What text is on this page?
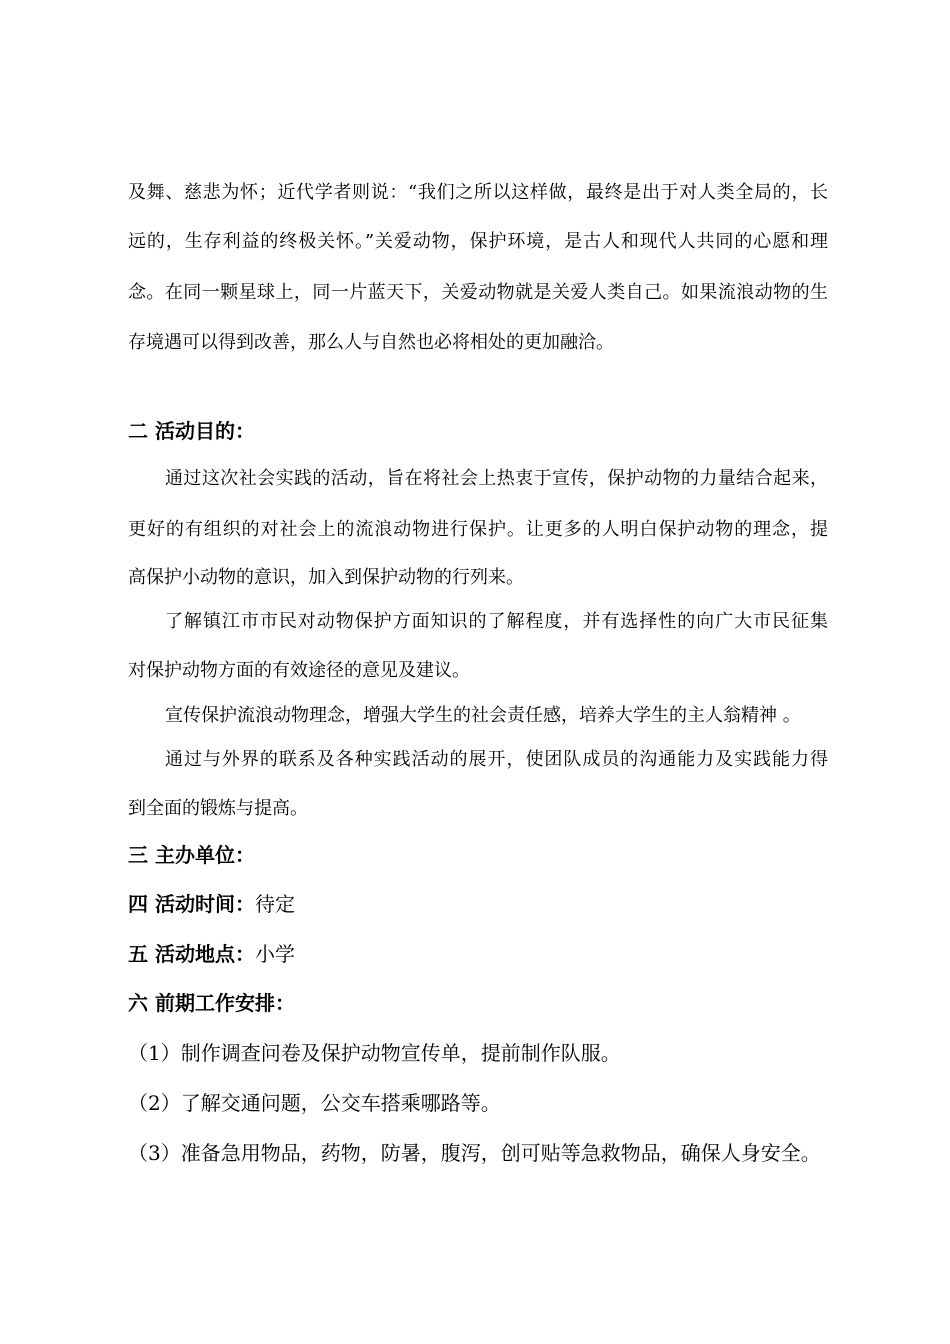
及舞、慈悲为怀；近代学者则说：“我们之所以这样做，最终是出于对人类全局的，长
远的，生存利益的终极关怀。”关爱动物，保护环境，是古人和现代人共同的心愿和理
念。在同一颗星球上，同一片蓝天下，关爱动物就是关爱人类自己。如果流浪动物的生
存境遇可以得到改善，那么人与自然也必将相处的更加融洽。
二 活动目的：
通过这次社会实践的活动，旨在将社会上热衷于宣传，保护动物的力量结合起来，
更好的有组织的对社会上的流浪动物进行保护。让更多的人明白保护动物的理念，提
高保护小动物的意识，加入到保护动物的行列来。
了解镇江市市民对动物保护方面知识的了解程度，并有选择性的向广大市民征集
对保护动物方面的有效途径的意见及建议。
宣传保护流浪动物理念，增强大学生的社会责任感，培养大学生的主人翁精神 。
通过与外界的联系及各种实践活动的展开，使团队成员的沟通能力及实践能力得
到全面的锻炼与提高。
三 主办单位：
四 活动时间：待定
五 活动地点：小学
六 前期工作安排：
（1）制作调查问卷及保护动物宣传单，提前制作队服。
（2）了解交通问题，公交车搭乘哪路等。
（3）准备急用物品，药物，防暑，腹泻，创可贴等急救物品，确保人身安全。
